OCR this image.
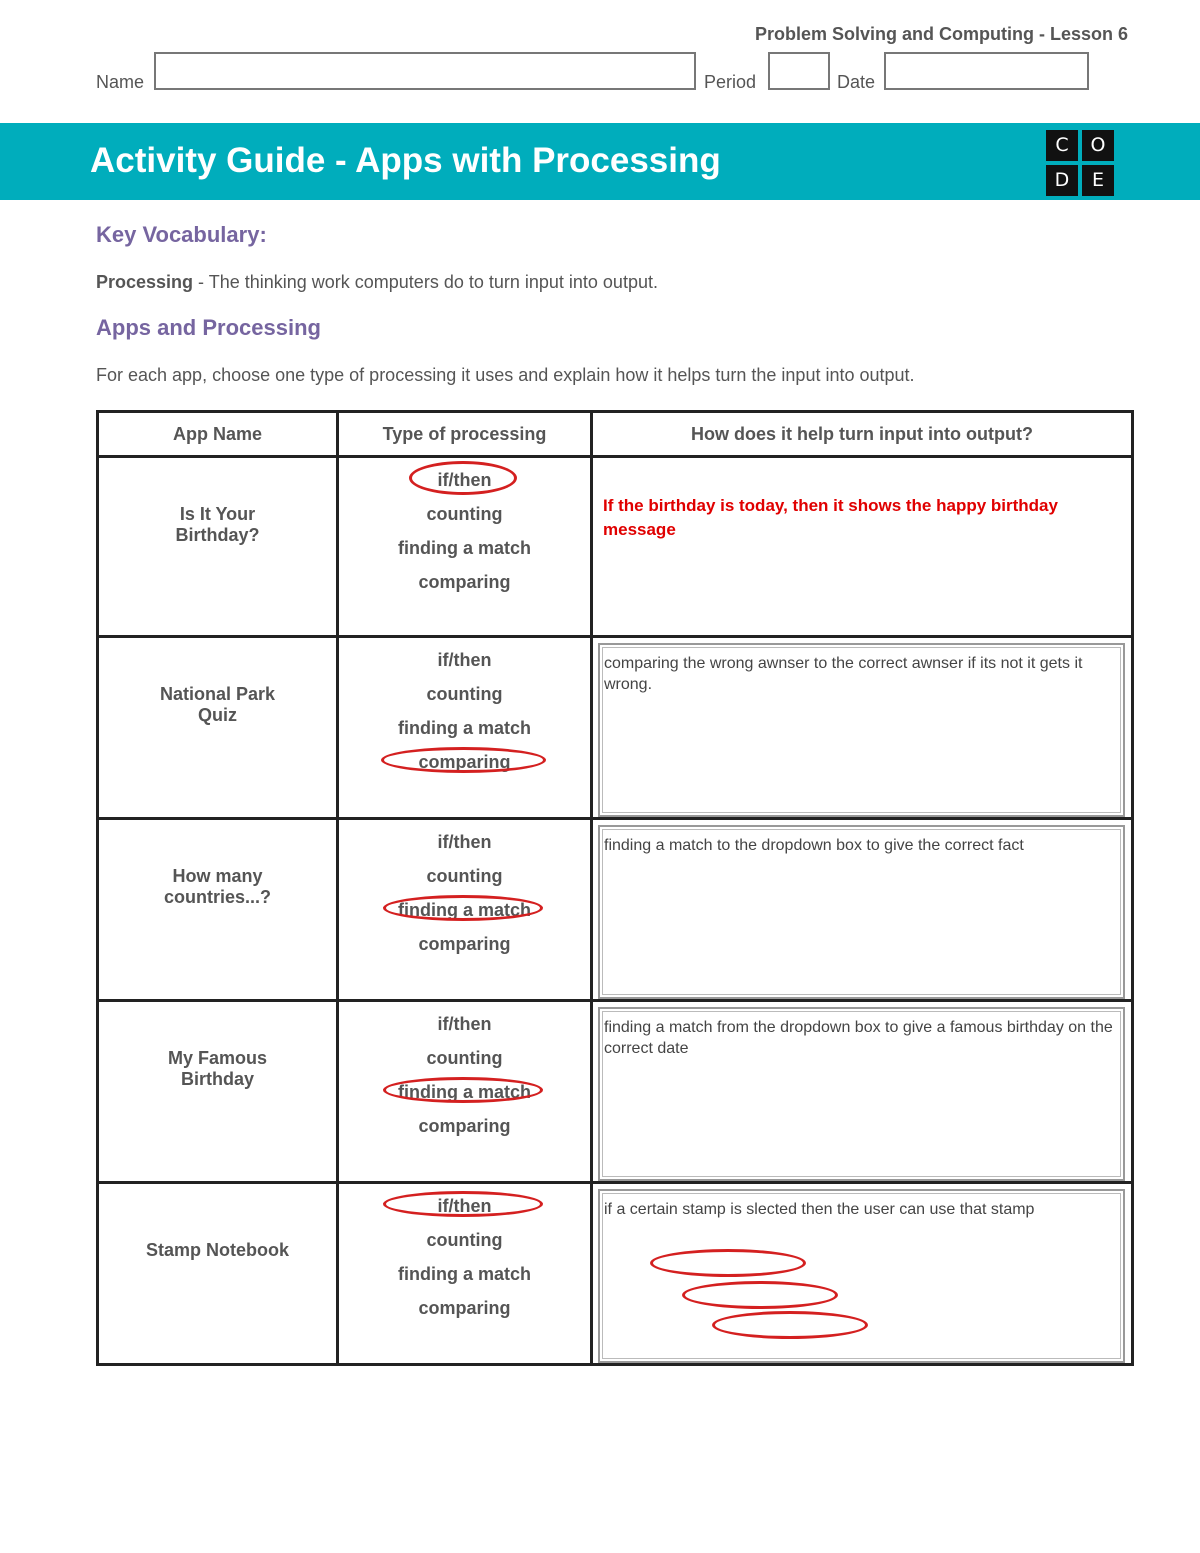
Problem Solving and Computing - Lesson 6
Name	Period	Date
Activity Guide - Apps with Processing	C	O
D	E
Key Vocabulary:
Processing - The thinking work computers do to turn input into output.
Apps and Processing
For each app, choose one type of processing it uses and explain how it helps turn the input into output.
App Name	Type of processing	How does it help turn input into output?

Is It Your Birthday?	if/then
counting
finding a match
comparing	If the birthday is today, then it shows the happy birthday message

National Park Quiz	if/then
counting
finding a match
comparing	comparing the wrong awnser to the correct awnser if its not it gets it wrong.

How many countries...?	if/then
counting
finding a match
comparing	finding a match to the dropdown box to give the correct fact

My Famous Birthday	if/then
counting
finding a match
comparing	finding a match from the dropdown box to give a famous birthday on the correct date

Stamp Notebook	if/then
counting
finding a match
comparing	if a certain stamp is slected then the user can use that stamp
